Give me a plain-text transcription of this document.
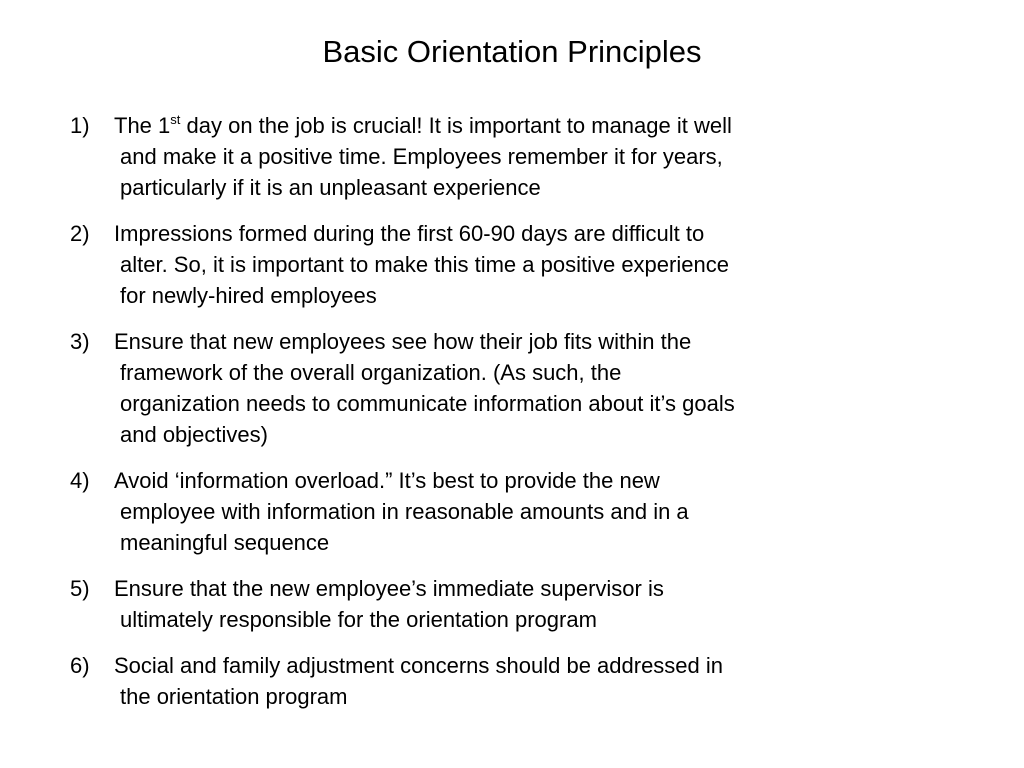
Basic Orientation Principles
1)	The 1st day on the job is crucial! It is important to manage it well
and make it a positive time. Employees remember it for years,
particularly if it is an unpleasant experience
2)	Impressions formed during the first 60-90 days are difficult to
alter. So, it is important to make this time a positive experience
for newly-hired employees
3)	Ensure that new employees see how their job fits within the
framework of the overall organization. (As such, the
organization needs to communicate information about it’s goals
and objectives)
4)	Avoid ‘information overload.” It’s best to provide the new
employee with information in reasonable amounts and in a
meaningful sequence
5)	Ensure that the new employee’s immediate supervisor is
ultimately responsible for the orientation program
6)	Social and family adjustment concerns should be addressed in
the orientation program
